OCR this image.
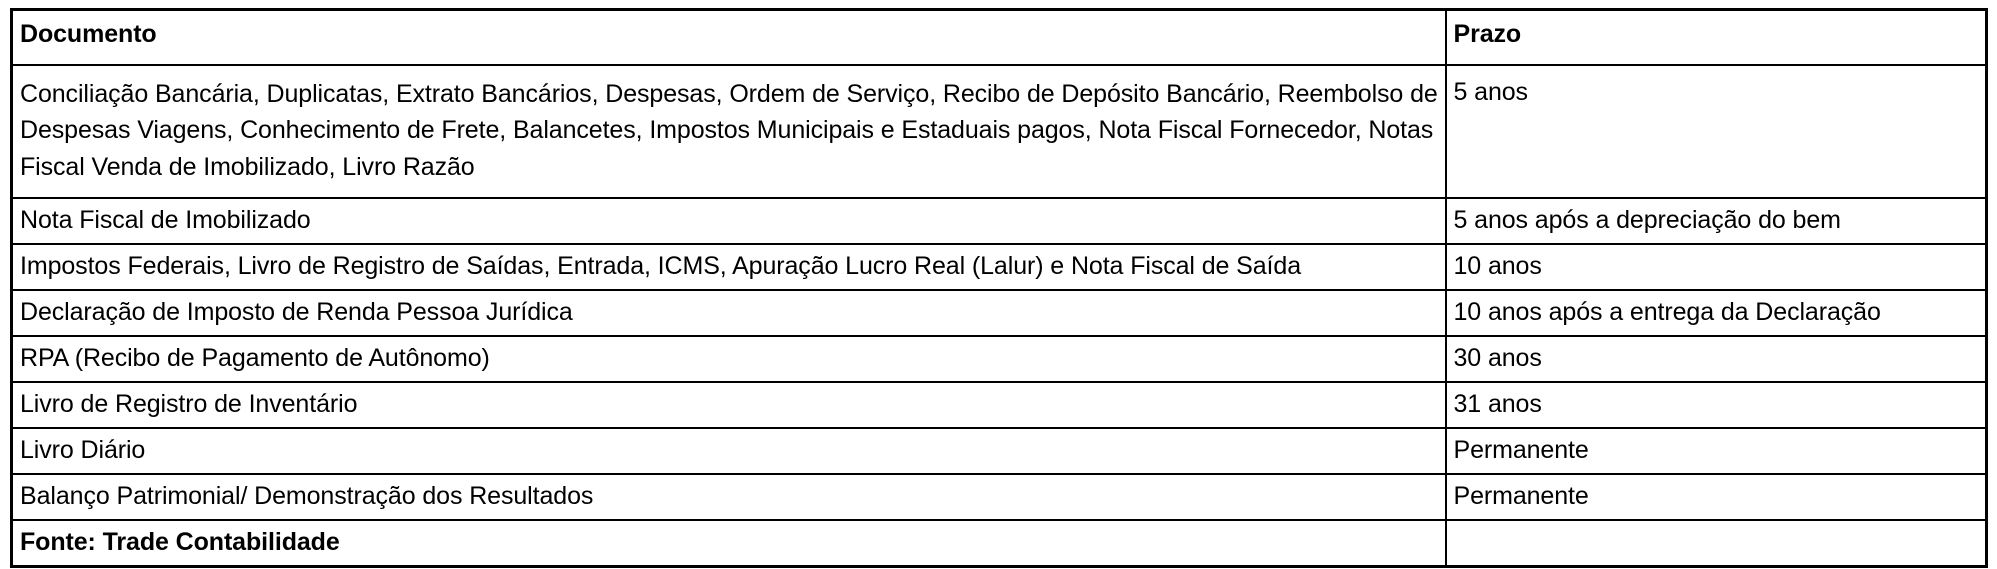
Documento	Prazo

Conciliação Bancária, Duplicatas, Extrato Bancários, Despesas, Ordem de Serviço, Recibo de Depósito Bancário, Reembolso de Despesas Viagens, Conhecimento de Frete, Balancetes, Impostos Municipais e Estaduais pagos, Nota Fiscal Fornecedor, Notas Fiscal Venda de Imobilizado, Livro Razão	5 anos

Nota Fiscal de Imobilizado	5 anos após a depreciação do bem

Impostos Federais, Livro de Registro de Saídas, Entrada, ICMS, Apuração Lucro Real (Lalur) e Nota Fiscal de Saída	10 anos

Declaração de Imposto de Renda Pessoa Jurídica	10 anos após a entrega da Declaração

RPA (Recibo de Pagamento de Autônomo)	30 anos

Livro de Registro de Inventário	31 anos

Livro Diário	Permanente

Balanço Patrimonial/ Demonstração dos Resultados	Permanente

Fonte: Trade Contabilidade	
